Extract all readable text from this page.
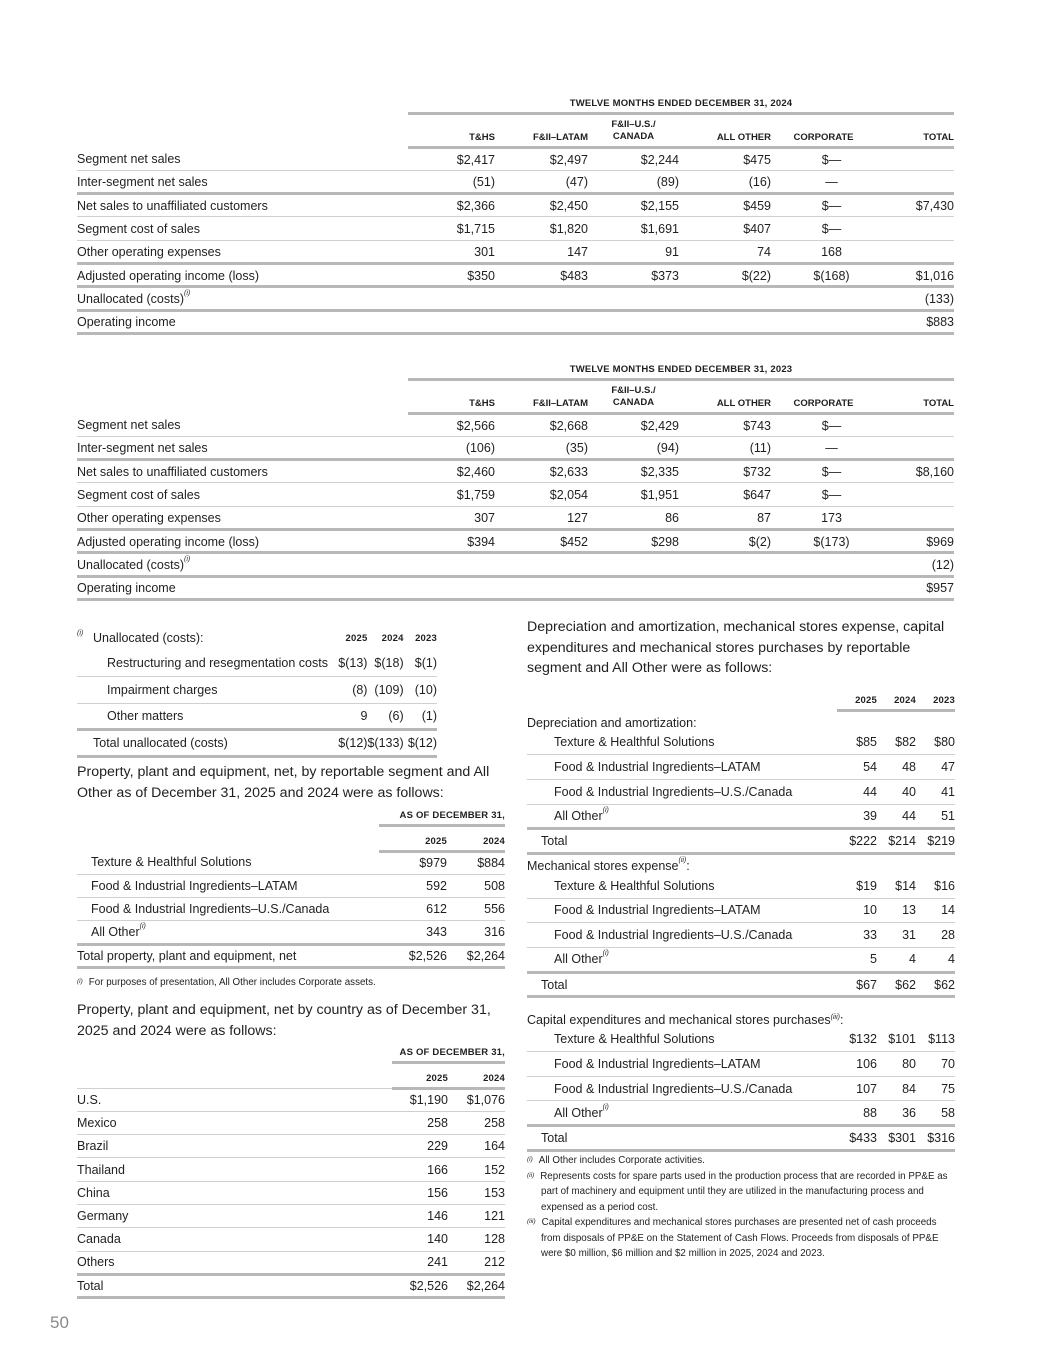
TWELVE MONTHS ENDED DECEMBER 31, 2024
	T&HS	F&II–LATAM	F&II–U.S./
CANADA	ALL OTHER	CORPORATE	TOTAL
Segment net sales	$2,417	$2,497	$2,244	$475	$—	
Inter-segment net sales	(51)	(47)	(89)	(16)	—	
Net sales to unaffiliated customers	$2,366	$2,450	$2,155	$459	$—	$7,430
Segment cost of sales	$1,715	$1,820	$1,691	$407	$—	
Other operating expenses	301	147	91	74	168	
Adjusted operating income (loss)	$350	$483	$373	$(22)	$(168)	$1,016
Unallocated (costs)$^{(i)}$						(133)
Operating income						$883
TWELVE MONTHS ENDED DECEMBER 31, 2023
	T&HS	F&II–LATAM	F&II–U.S./
CANADA	ALL OTHER	CORPORATE	TOTAL
Segment net sales	$2,566	$2,668	$2,429	$743	$—	
Inter-segment net sales	(106)	(35)	(94)	(11)	—	
Net sales to unaffiliated customers	$2,460	$2,633	$2,335	$732	$—	$8,160
Segment cost of sales	$1,759	$2,054	$1,951	$647	$—	
Other operating expenses	307	127	86	87	173	
Adjusted operating income (loss)	$394	$452	$298	$(2)	$(173)	$969
Unallocated (costs)$^{(i)}$						(12)
Operating income						$957
(i) Unallocated (costs):	2025	2024	2023
Restructuring and resegmentation costs	$(13)	$(18)	$(1)
Impairment charges	(8)	(109)	(10)
Other matters	9	(6)	(1)
Total unallocated (costs)	$(12)	$(133)	$(12)

Property, plant and equipment, net, by reportable segment and All Other as of December 31, 2025 and 2024 were as follows:

AS OF DECEMBER 31,
	2025	2024
Texture & Healthful Solutions	$979	$884
Food & Industrial Ingredients–LATAM	592	508
Food & Industrial Ingredients–U.S./Canada	612	556
All Other$^{(i)}$	343	316
Total property, plant and equipment, net	$2,526	$2,264
$^{(i)}$ For purposes of presentation, All Other includes Corporate assets.

Property, plant and equipment, net by country as of December 31, 2025 and 2024 were as follows:

AS OF DECEMBER 31,
	2025	2024
U.S.	$1,190	$1,076
Mexico	258	258
Brazil	229	164
Thailand	166	152
China	156	153
Germany	146	121
Canada	140	128
Others	241	212
Total	$2,526	$2,264

Depreciation and amortization, mechanical stores expense, capital expenditures and mechanical stores purchases by reportable segment and All Other were as follows:

	2025	2024	2023
Depreciation and amortization:			
Texture & Healthful Solutions	$85	$82	$80
Food & Industrial Ingredients–LATAM	54	48	47
Food & Industrial Ingredients–U.S./Canada	44	40	41
All Other$^{(i)}$	39	44	51
Total	$222	$214	$219
Mechanical stores expense$^{(ii)}$:			
Texture & Healthful Solutions	$19	$14	$16
Food & Industrial Ingredients–LATAM	10	13	14
Food & Industrial Ingredients–U.S./Canada	33	31	28
All Other$^{(i)}$	5	4	4
Total	$67	$62	$62
Capital expenditures and mechanical stores purchases$^{(iii)}$:			
Texture & Healthful Solutions	$132	$101	$113
Food & Industrial Ingredients–LATAM	106	80	70
Food & Industrial Ingredients–U.S./Canada	107	84	75
All Other$^{(i)}$	88	36	58
Total	$433	$301	$316
$^{(i)}$ All Other includes Corporate activities.
$^{(ii)}$ Represents costs for spare parts used in the production process that are recorded in PP&E as part of machinery and equipment until they are utilized in the manufacturing process and expensed as a period cost.
$^{(iii)}$ Capital expenditures and mechanical stores purchases are presented net of cash proceeds from disposals of PP&E on the Statement of Cash Flows. Proceeds from disposals of PP&E were $0 million, $6 million and $2 million in 2025, 2024 and 2023.
50
